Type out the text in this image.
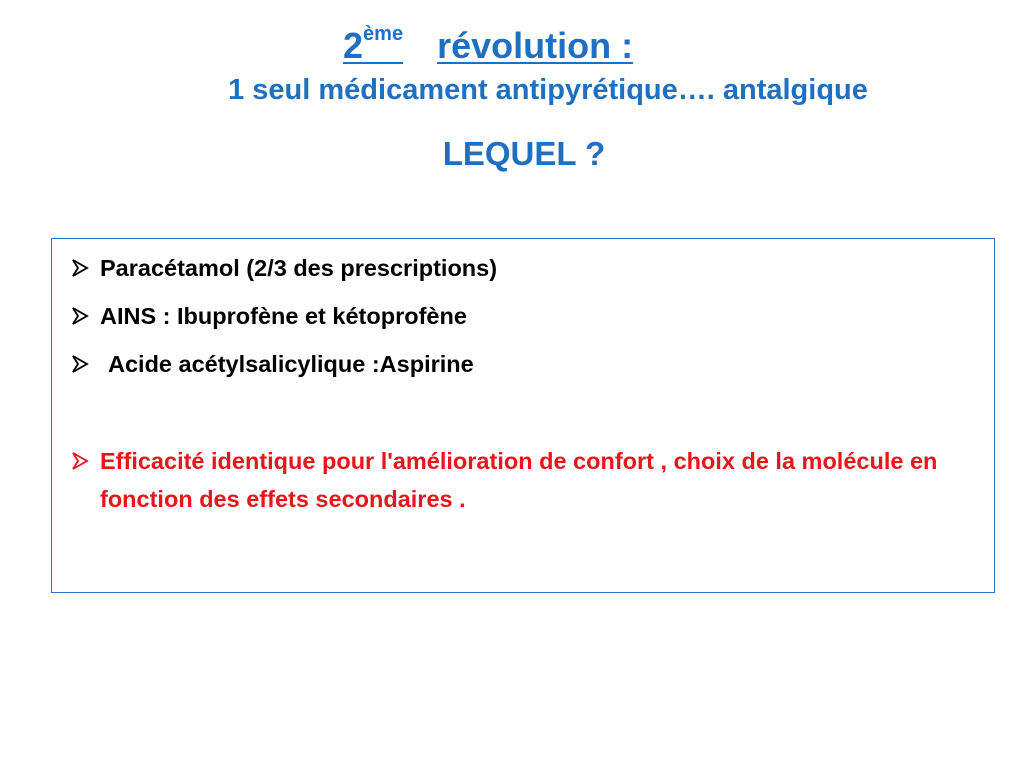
2ème révolution :
1 seul médicament antipyrétique…. antalgique
LEQUEL ?
Paracétamol (2/3 des prescriptions)
AINS : Ibuprofène et kétoprofène
Acide acétylsalicylique :Aspirine
Efficacité identique pour l'amélioration de confort , choix de la molécule en fonction des effets secondaires .
